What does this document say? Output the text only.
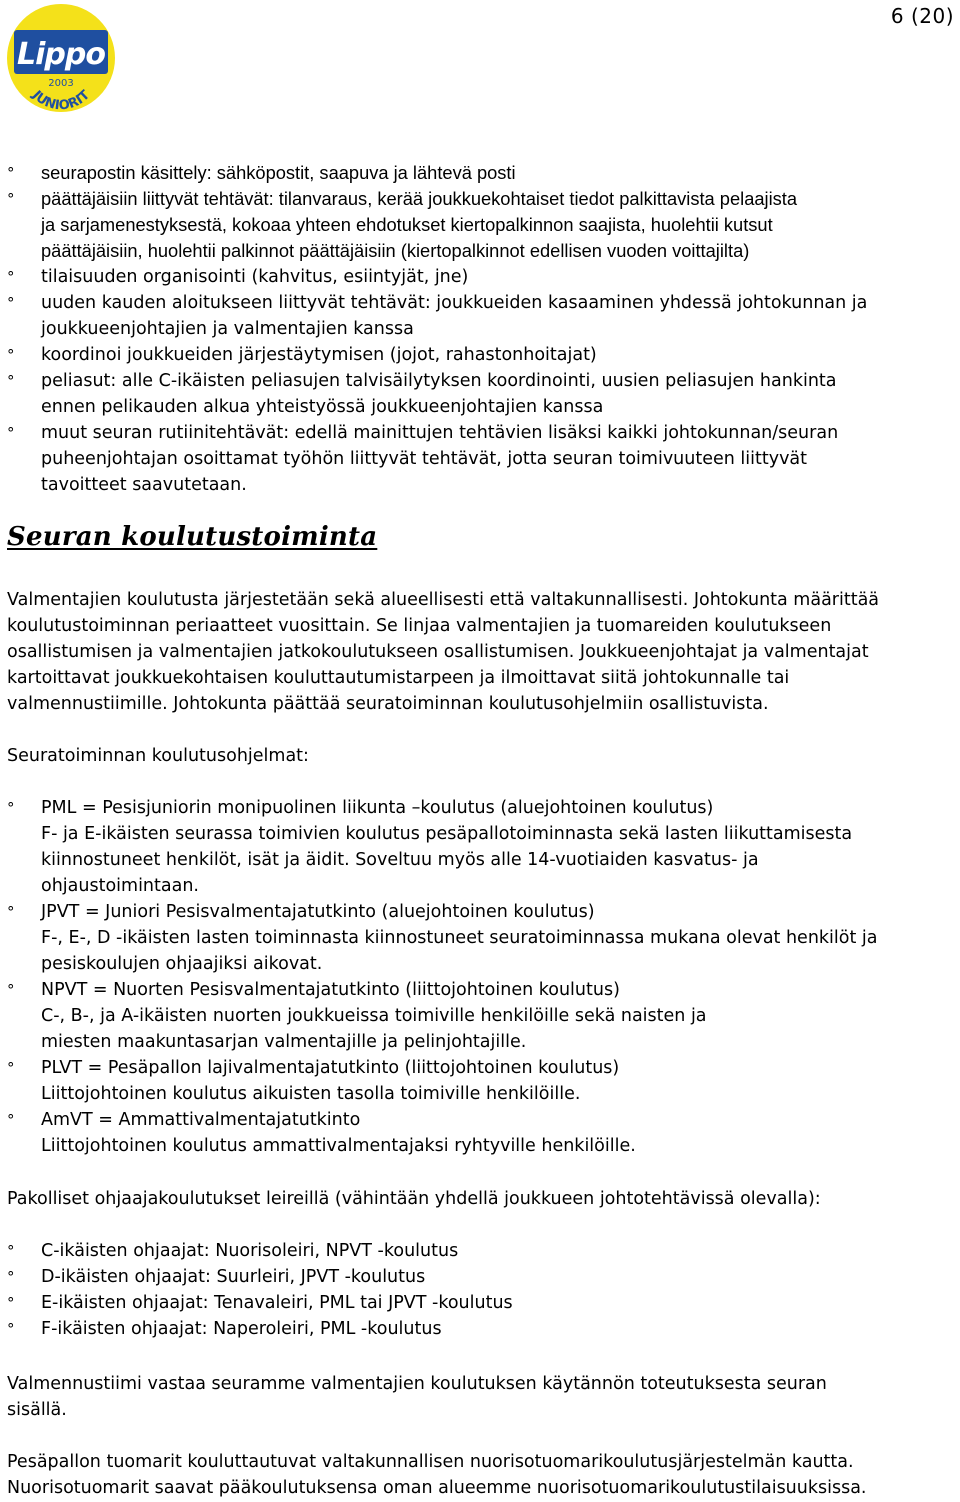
Lippo
2003
JUNIORIT
6 (20)
° seurapostin käsittely: sähköpostit, saapuva ja lähtevä posti
° päättäjäisiin liittyvät tehtävät: tilanvaraus, kerää joukkuekohtaiset tiedot palkittavista pelaajista
ja sarjamenestyksestä, kokoaa yhteen ehdotukset kiertopalkinnon saajista, huolehtii kutsut
päättäjäisiin, huolehtii palkinnot päättäjäisiin (kiertopalkinnot edellisen vuoden voittajilta)
° tilaisuuden organisointi (kahvitus, esiintyjät, jne)
° uuden kauden aloitukseen liittyvät tehtävät: joukkueiden kasaaminen yhdessä johtokunnan ja
joukkueenjohtajien ja valmentajien kanssa
° koordinoi joukkueiden järjestäytymisen (jojot, rahastonhoitajat)
° peliasut: alle C-ikäisten peliasujen talvisäilytyksen koordinointi, uusien peliasujen hankinta
ennen pelikauden alkua yhteistyössä joukkueenjohtajien kanssa
° muut seuran rutiinitehtävät: edellä mainittujen tehtävien lisäksi kaikki johtokunnan/seuran
puheenjohtajan osoittamat työhön liittyvät tehtävät, jotta seuran toimivuuteen liittyvät
tavoitteet saavutetaan.
Seuran koulutustoiminta
Valmentajien koulutusta järjestetään sekä alueellisesti että valtakunnallisesti. Johtokunta määrittää
koulutustoiminnan periaatteet vuosittain. Se linjaa valmentajien ja tuomareiden koulutukseen
osallistumisen ja valmentajien jatkokoulutukseen osallistumisen. Joukkueenjohtajat ja valmentajat
kartoittavat joukkuekohtaisen kouluttautumistarpeen ja ilmoittavat siitä johtokunnalle tai
valmennustiimille. Johtokunta päättää seuratoiminnan koulutusohjelmiin osallistuvista.
Seuratoiminnan koulutusohjelmat:
° PML = Pesisjuniorin monipuolinen liikunta –koulutus (aluejohtoinen koulutus)
F- ja E-ikäisten seurassa toimivien koulutus pesäpallotoiminnasta sekä lasten liikuttamisesta
kiinnostuneet henkilöt, isät ja äidit. Soveltuu myös alle 14-vuotiaiden kasvatus- ja
ohjaustoimintaan.
° JPVT = Juniori Pesisvalmentajatutkinto (aluejohtoinen koulutus)
F-, E-, D -ikäisten lasten toiminnasta kiinnostuneet seuratoiminnassa mukana olevat henkilöt ja
pesiskoulujen ohjaajiksi aikovat.
° NPVT = Nuorten Pesisvalmentajatutkinto (liittojohtoinen koulutus)
C-, B-, ja A-ikäisten nuorten joukkueissa toimiville henkilöille sekä naisten ja
miesten maakuntasarjan valmentajille ja pelinjohtajille.
° PLVT = Pesäpallon lajivalmentajatutkinto (liittojohtoinen koulutus)
Liittojohtoinen koulutus aikuisten tasolla toimiville henkilöille.
° AmVT = Ammattivalmentajatutkinto
Liittojohtoinen koulutus ammattivalmentajaksi ryhtyville henkilöille.
Pakolliset ohjaajakoulutukset leireillä (vähintään yhdellä joukkueen johtotehtävissä olevalla):
° C-ikäisten ohjaajat: Nuorisoleiri, NPVT -koulutus
° D-ikäisten ohjaajat: Suurleiri, JPVT -koulutus
° E-ikäisten ohjaajat: Tenavaleiri, PML tai JPVT -koulutus
° F-ikäisten ohjaajat: Naperoleiri, PML -koulutus
Valmennustiimi vastaa seuramme valmentajien koulutuksen käytännön toteutuksesta seuran
sisällä.
Pesäpallon tuomarit kouluttautuvat valtakunnallisen nuorisotuomarikoulutusjärjestelmän kautta.
Nuorisotuomarit saavat pääkoulutuksensa oman alueemme nuorisotuomarikoulutustilaisuuksissa.
